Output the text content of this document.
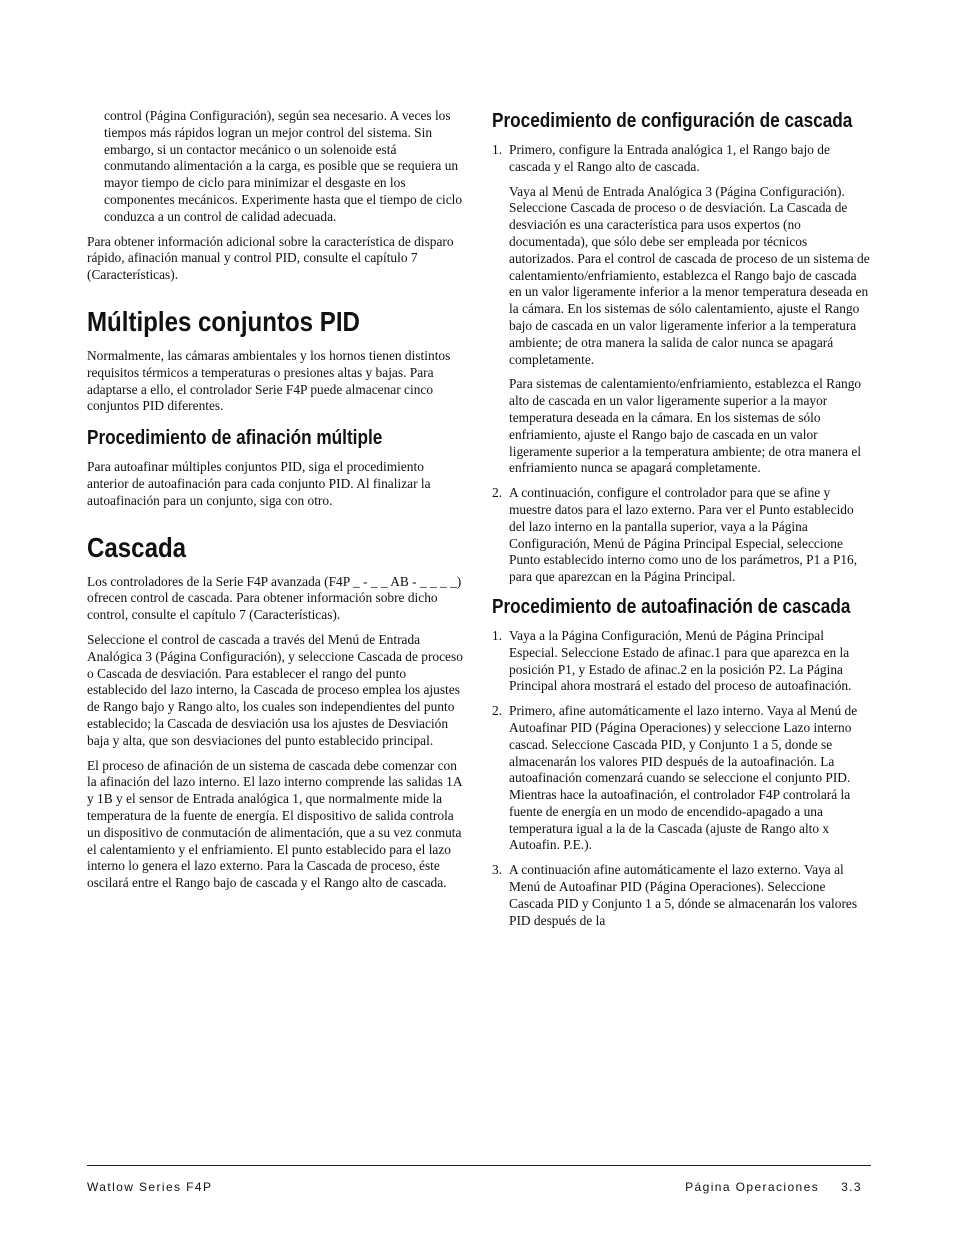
control (Página Configuración), según sea necesario. A veces los tiempos más rápidos logran un mejor control del sistema. Sin embargo, si un contactor mecánico o un solenoide está conmutando alimentación a la carga, es posible que se requiera un mayor tiempo de ciclo para minimizar el desgaste en los componentes mecánicos. Experimente hasta que el tiempo de ciclo conduzca a un control de calidad adecuada.

Para obtener información adicional sobre la característica de disparo rápido, afinación manual y control PID, consulte el capítulo 7 (Características).

Múltiples conjuntos PID

Normalmente, las cámaras ambientales y los hornos tienen distintos requisitos térmicos a temperaturas o presiones altas y bajas. Para adaptarse a ello, el controlador Serie F4P puede almacenar cinco conjuntos PID diferentes.

Procedimiento de afinación múltiple

Para autoafinar múltiples conjuntos PID, siga el procedimiento anterior de autoafinación para cada conjunto PID. Al finalizar la autoafinación para un conjunto, siga con otro.

Cascada

Los controladores de la Serie F4P avanzada (F4P _ - _ _ AB - _ _ _ _) ofrecen control de cascada. Para obtener información sobre dicho control, consulte el capítulo 7 (Características).

Seleccione el control de cascada a través del Menú de Entrada Analógica 3 (Página Configuración), y seleccione Cascada de proceso o Cascada de desviación. Para establecer el rango del punto establecido del lazo interno, la Cascada de proceso emplea los ajustes de Rango bajo y Rango alto, los cuales son independientes del punto establecido; la Cascada de desviación usa los ajustes de Desviación baja y alta, que son desviaciones del punto establecido principal.

El proceso de afinación de un sistema de cascada debe comenzar con la afinación del lazo interno. El lazo interno comprende las salidas 1A y 1B y el sensor de Entrada analógica 1, que normalmente mide la temperatura de la fuente de energía. El dispositivo de salida controla un dispositivo de conmutación de alimentación, que a su vez conmuta el calentamiento y el enfriamiento. El punto establecido para el lazo interno lo genera el lazo externo. Para la Cascada de proceso, éste oscilará entre el Rango bajo de cascada y el Rango alto de cascada.

Procedimiento de configuración de cascada
1. Primero, configure la Entrada analógica 1, el Rango bajo de cascada y el Rango alto de cascada.

Vaya al Menú de Entrada Analógica 3 (Página Configuración). Seleccione Cascada de proceso o de desviación. La Cascada de desviación es una característica para usos expertos (no documentada), que sólo debe ser empleada por técnicos autorizados. Para el control de cascada de proceso de un sistema de calentamiento/enfriamiento, establezca el Rango bajo de cascada en un valor ligeramente inferior a la menor temperatura deseada en la cámara. En los sistemas de sólo calentamiento, ajuste el Rango bajo de cascada en un valor ligeramente inferior a la temperatura ambiente; de otra manera la salida de calor nunca se apagará completamente.

Para sistemas de calentamiento/enfriamiento, establezca el Rango alto de cascada en un valor ligeramente superior a la mayor temperatura deseada en la cámara. En los sistemas de sólo enfriamiento, ajuste el Rango bajo de cascada en un valor ligeramente superior a la temperatura ambiente; de otra manera el enfriamiento nunca se apagará completamente.

2. A continuación, configure el controlador para que se afine y muestre datos para el lazo externo. Para ver el Punto establecido del lazo interno en la pantalla superior, vaya a la Página Configuración, Menú de Página Principal Especial, seleccione Punto establecido interno como uno de los parámetros, P1 a P16, para que aparezcan en la Página Principal.

Procedimiento de autoafinación de cascada
1. Vaya a la Página Configuración, Menú de Página Principal Especial. Seleccione Estado de afinac.1 para que aparezca en la posición P1, y Estado de afinac.2 en la posición P2. La Página Principal ahora mostrará el estado del proceso de autoafinación.

2. Primero, afine automáticamente el lazo interno. Vaya al Menú de Autoafinar PID (Página Operaciones) y seleccione Lazo interno cascad. Seleccione Cascada PID, y Conjunto 1 a 5, donde se almacenarán los valores PID después de la autoafinación. La autoafinación comenzará cuando se seleccione el conjunto PID. Mientras hace la autoafinación, el controlador F4P controlará la fuente de energía en un modo de encendido-apagado a una temperatura igual a la de la Cascada (ajuste de Rango alto x Autoafin. P.E.).

3. A continuación afine automáticamente el lazo externo. Vaya al Menú de Autoafinar PID (Página Operaciones). Seleccione Cascada PID y Conjunto 1 a 5, dónde se almacenarán los valores PID después de la

Watlow Series F4P	Página Operaciones 3.3
